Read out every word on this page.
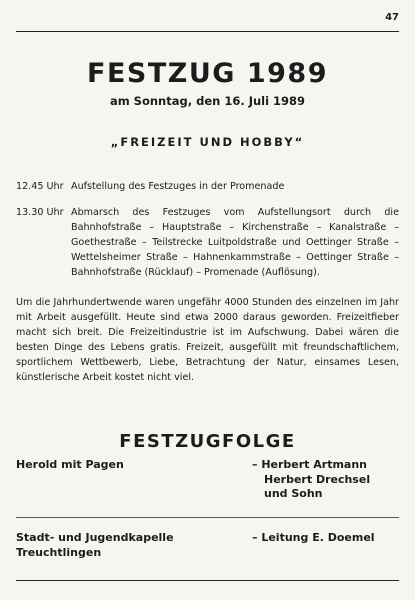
47
FESTZUG 1989
am Sonntag, den 16. Juli 1989
„FREIZEIT UND HOBBY“
12.45 Uhr Aufstellung des Festzuges in der Promenade
13.30 Uhr Abmarsch des Festzuges vom Aufstellungsort durch die Bahnhofstraße – Hauptstraße – Kirchenstraße – Kanalstraße – Goethestraße – Teilstrecke Luitpoldstraße und Oettinger Straße – Wettelsheimer Straße – Hahnenkammstraße – Oettinger Straße – Bahnhofstraße (Rücklauf) – Promenade (Auflösung).
Um die Jahrhundertwende waren ungefähr 4000 Stunden des einzelnen im Jahr mit Arbeit ausgefüllt. Heute sind etwa 2000 daraus geworden. Freizeitfieber macht sich breit. Die Freizeitindustrie ist im Aufschwung. Dabei wären die besten Dinge des Lebens gratis. Freizeit, ausgefüllt mit freundschaftlichem, sportlichem Wettbewerb, Liebe, Betrachtung der Natur, einsames Lesen, künstlerische Arbeit kostet nicht viel.
FESTZUGFOLGE
Herold mit Pagen	– Herbert Artmann
Herbert Drechsel
und Sohn
Stadt- und Jugendkapelle
Treuchtlingen
– Leitung E. Doemel
